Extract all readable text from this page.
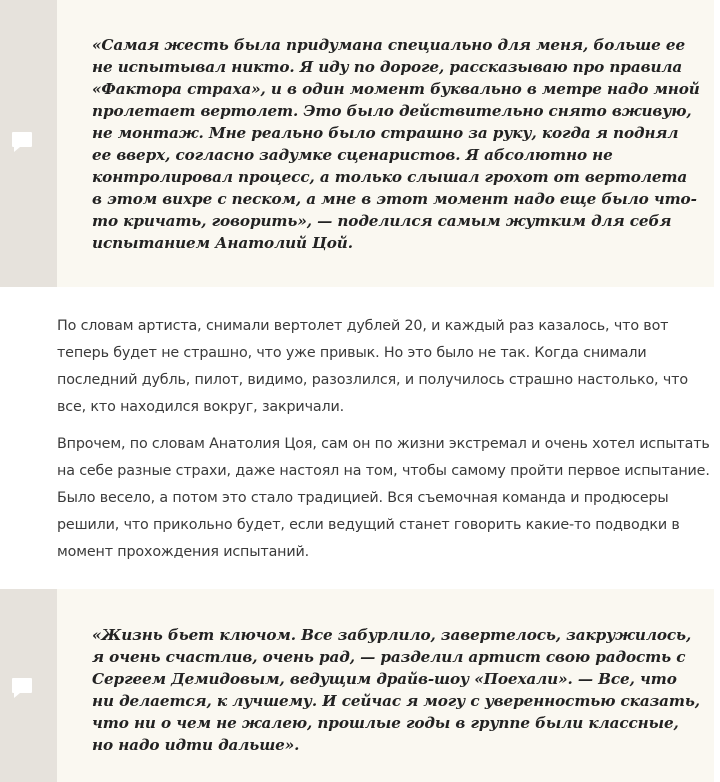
«Самая жесть была придумана специально для меня, больше ее не испытывал никто. Я иду по дороге, рассказываю про правила «Фактора страха», и в один момент буквально в метре надо мной пролетает вертолет. Это было действительно снято вживую, не монтаж. Мне реально было страшно за руку, когда я поднял ее вверх, согласно задумке сценаристов. Я абсолютно не контролировал процесс, а только слышал грохот от вертолета в этом вихре с песком, а мне в этот момент надо еще было что-то кричать, говорить», — поделился самым жутким для себя испытанием Анатолий Цой.

По словам артиста, снимали вертолет дублей 20, и каждый раз казалось, что вот теперь будет не страшно, что уже привык. Но это было не так. Когда снимали последний дубль, пилот, видимо, разозлился, и получилось страшно настолько, что все, кто находился вокруг, закричали.

Впрочем, по словам Анатолия Цоя, сам он по жизни экстремал и очень хотел испытать на себе разные страхи, даже настоял на том, чтобы самому пройти первое испытание. Было весело, а потом это стало традицией. Вся съемочная команда и продюсеры решили, что прикольно будет, если ведущий станет говорить какие-то подводки в момент прохождения испытаний.

«Жизнь бьет ключом. Все забурлило, завертелось, закружилось, я очень счастлив, очень рад, — разделил артист свою радость с Сергеем Демидовым, ведущим драйв-шоу «Поехали». — Все, что ни делается, к лучшему. И сейчас я могу с уверенностью сказать, что ни о чем не жалею, прошлые годы в группе были классные, но надо идти дальше».
